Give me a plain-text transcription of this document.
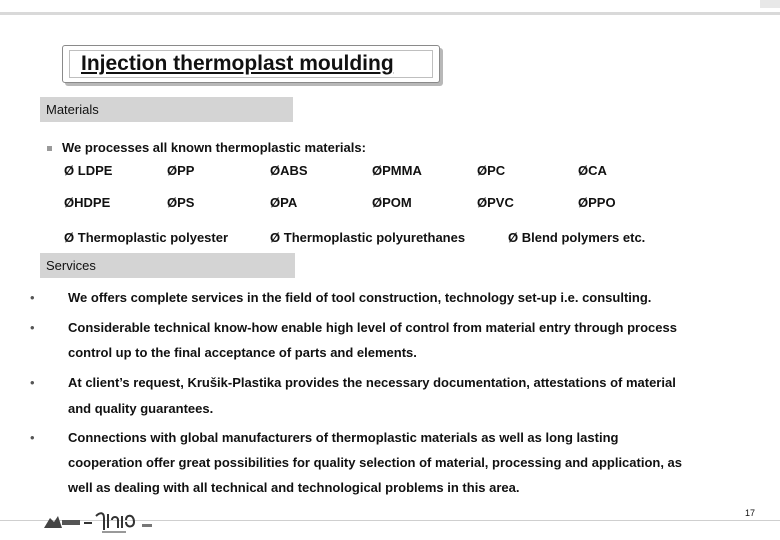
Injection thermoplast moulding
Materials
We processes all known thermoplastic materials:
Ø LDPE	ØPP	ØABS	ØPMMA	ØPC	ØCA
ØHDPE	ØPS	ØPA	ØPOM	ØPVC	ØPPO
Ø Thermoplastic polyester	Ø Thermoplastic polyurethanes	Ø Blend polymers etc.
Services
•	We offers complete services in the field of tool construction, technology set-up i.e. consulting.
•	Considerable technical know-how enable high level of control from material entry through process
control up to the final acceptance of parts and elements.
•	At client’s request, Krušik-Plastika provides the necessary documentation, attestations of material
and quality guarantees.
•	Connections with global manufacturers of thermoplastic materials as well as long lasting
cooperation offer great possibilities for quality selection of material, processing and application, as
well as dealing with all technical and technological problems in this area.
17
